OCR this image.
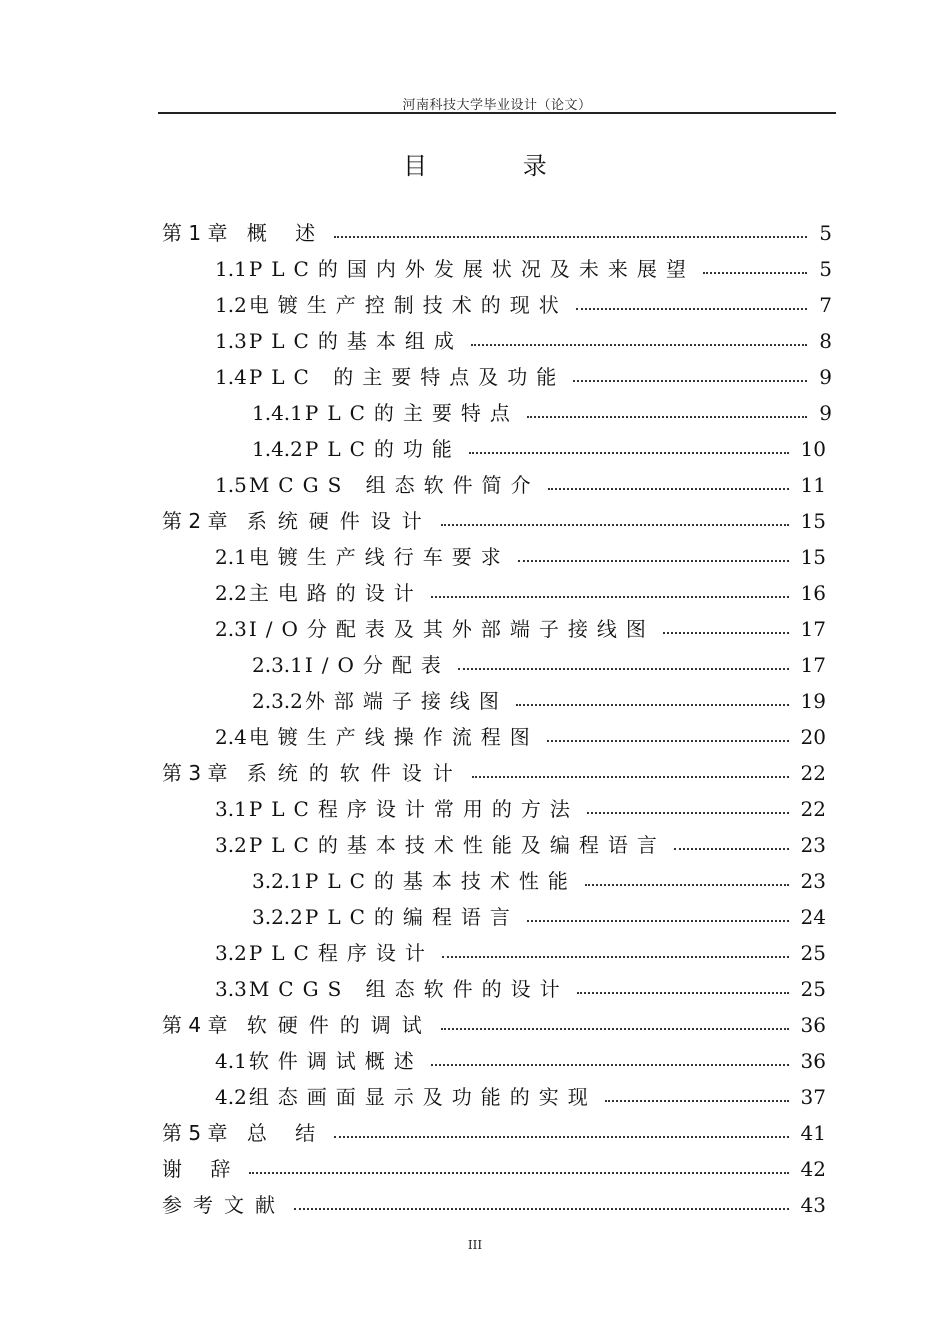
河南科技大学毕业设计（论文）
目 录
第 1 章 概 述	5
1.1 PLC的国内外发展状况及未来展望	5
1.2 电镀生产控制技术的现状	7
1.3 PLC的基本组成	8
1.4 PLC 的主要特点及功能	9
1.4.1 PLC的主要特点	9
1.4.2 PLC的功能	10
1.5 MCGS 组态软件简介	11
第 2 章 系统硬件设计	15
2.1 电镀生产线行车要求	15
2.2 主电路的设计	16
2.3 I/O分配表及其外部端子接线图	17
2.3.1 I/O分配表	17
2.3.2 外部端子接线图	19
2.4 电镀生产线操作流程图	20
第 3 章 系统的软件设计	22
3.1 PLC程序设计常用的方法	22
3.2 PLC的基本技术性能及编程语言	23
3.2.1 PLC的基本技术性能	23
3.2.2 PLC的编程语言	24
3.2 PLC程序设计	25
3.3 MCGS 组态软件的设计	25
第 4 章 软硬件的调试	36
4.1 软件调试概述	36
4.2 组态画面显示及功能的实现	37
第 5 章 总 结	41
谢 辞	42
参考文献	43
III
